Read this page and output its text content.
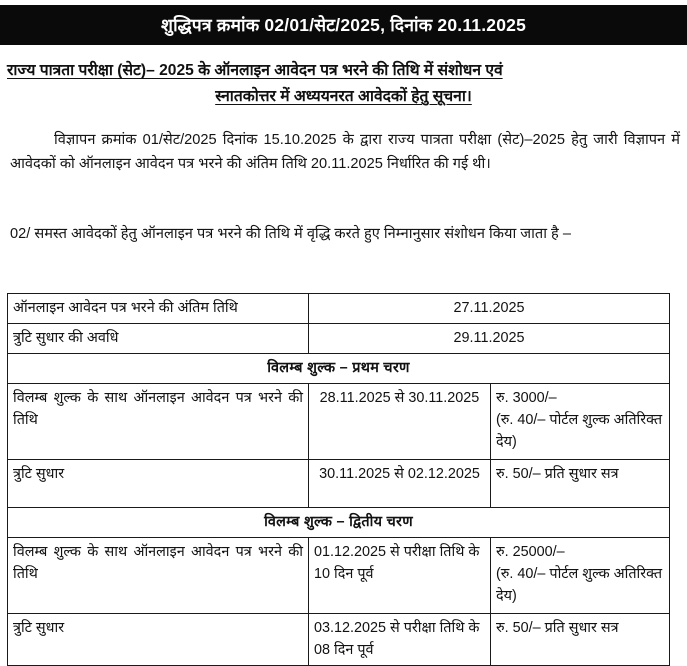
शुद्धिपत्र क्रमांक 02/01/सेट/2025, दिनांक 20.11.2025
राज्य पात्रता परीक्षा (सेट)– 2025 के ऑनलाइन आवेदन पत्र भरने की तिथि में संशोधन एवं
स्नातकोत्तर में अध्ययनरत आवेदकों हेतु सूचना।
विज्ञापन क्रमांक 01/सेट/2025 दिनांक 15.10.2025 के द्वारा राज्य पात्रता परीक्षा (सेट)–2025 हेतु जारी विज्ञापन में आवेदकों को ऑनलाइन आवेदन पत्र भरने की अंतिम तिथि 20.11.2025 निर्धारित की गई थी।
02/ समस्त आवेदकों हेतु ऑनलाइन पत्र भरने की तिथि में वृद्धि करते हुए निम्नानुसार संशोधन किया जाता है –
ऑनलाइन आवेदन पत्र भरने की अंतिम तिथि	27.11.2025	
त्रुटि सुधार की अवधि	29.11.2025	
विलम्ब शुल्क – प्रथम चरण		
विलम्ब शुल्क के साथ ऑनलाइन आवेदन पत्र भरने की तिथि	28.11.2025 से 30.11.2025	रु. 3000/–
(रु. 40/– पोर्टल शुल्क अतिरिक्त देय)

त्रुटि सुधार	30.11.2025 से 02.12.2025	रु. 50/– प्रति सुधार सत्र
विलम्ब शुल्क – द्वितीय चरण		
विलम्ब शुल्क के साथ ऑनलाइन आवेदन पत्र भरने की तिथि	01.12.2025 से परीक्षा तिथि के 10 दिन पूर्व	रु. 25000/–
(रु. 40/– पोर्टल शुल्क अतिरिक्त देय)

त्रुटि सुधार	03.12.2025 से परीक्षा तिथि के 08 दिन पूर्व	रु. 50/– प्रति सुधार सत्र
